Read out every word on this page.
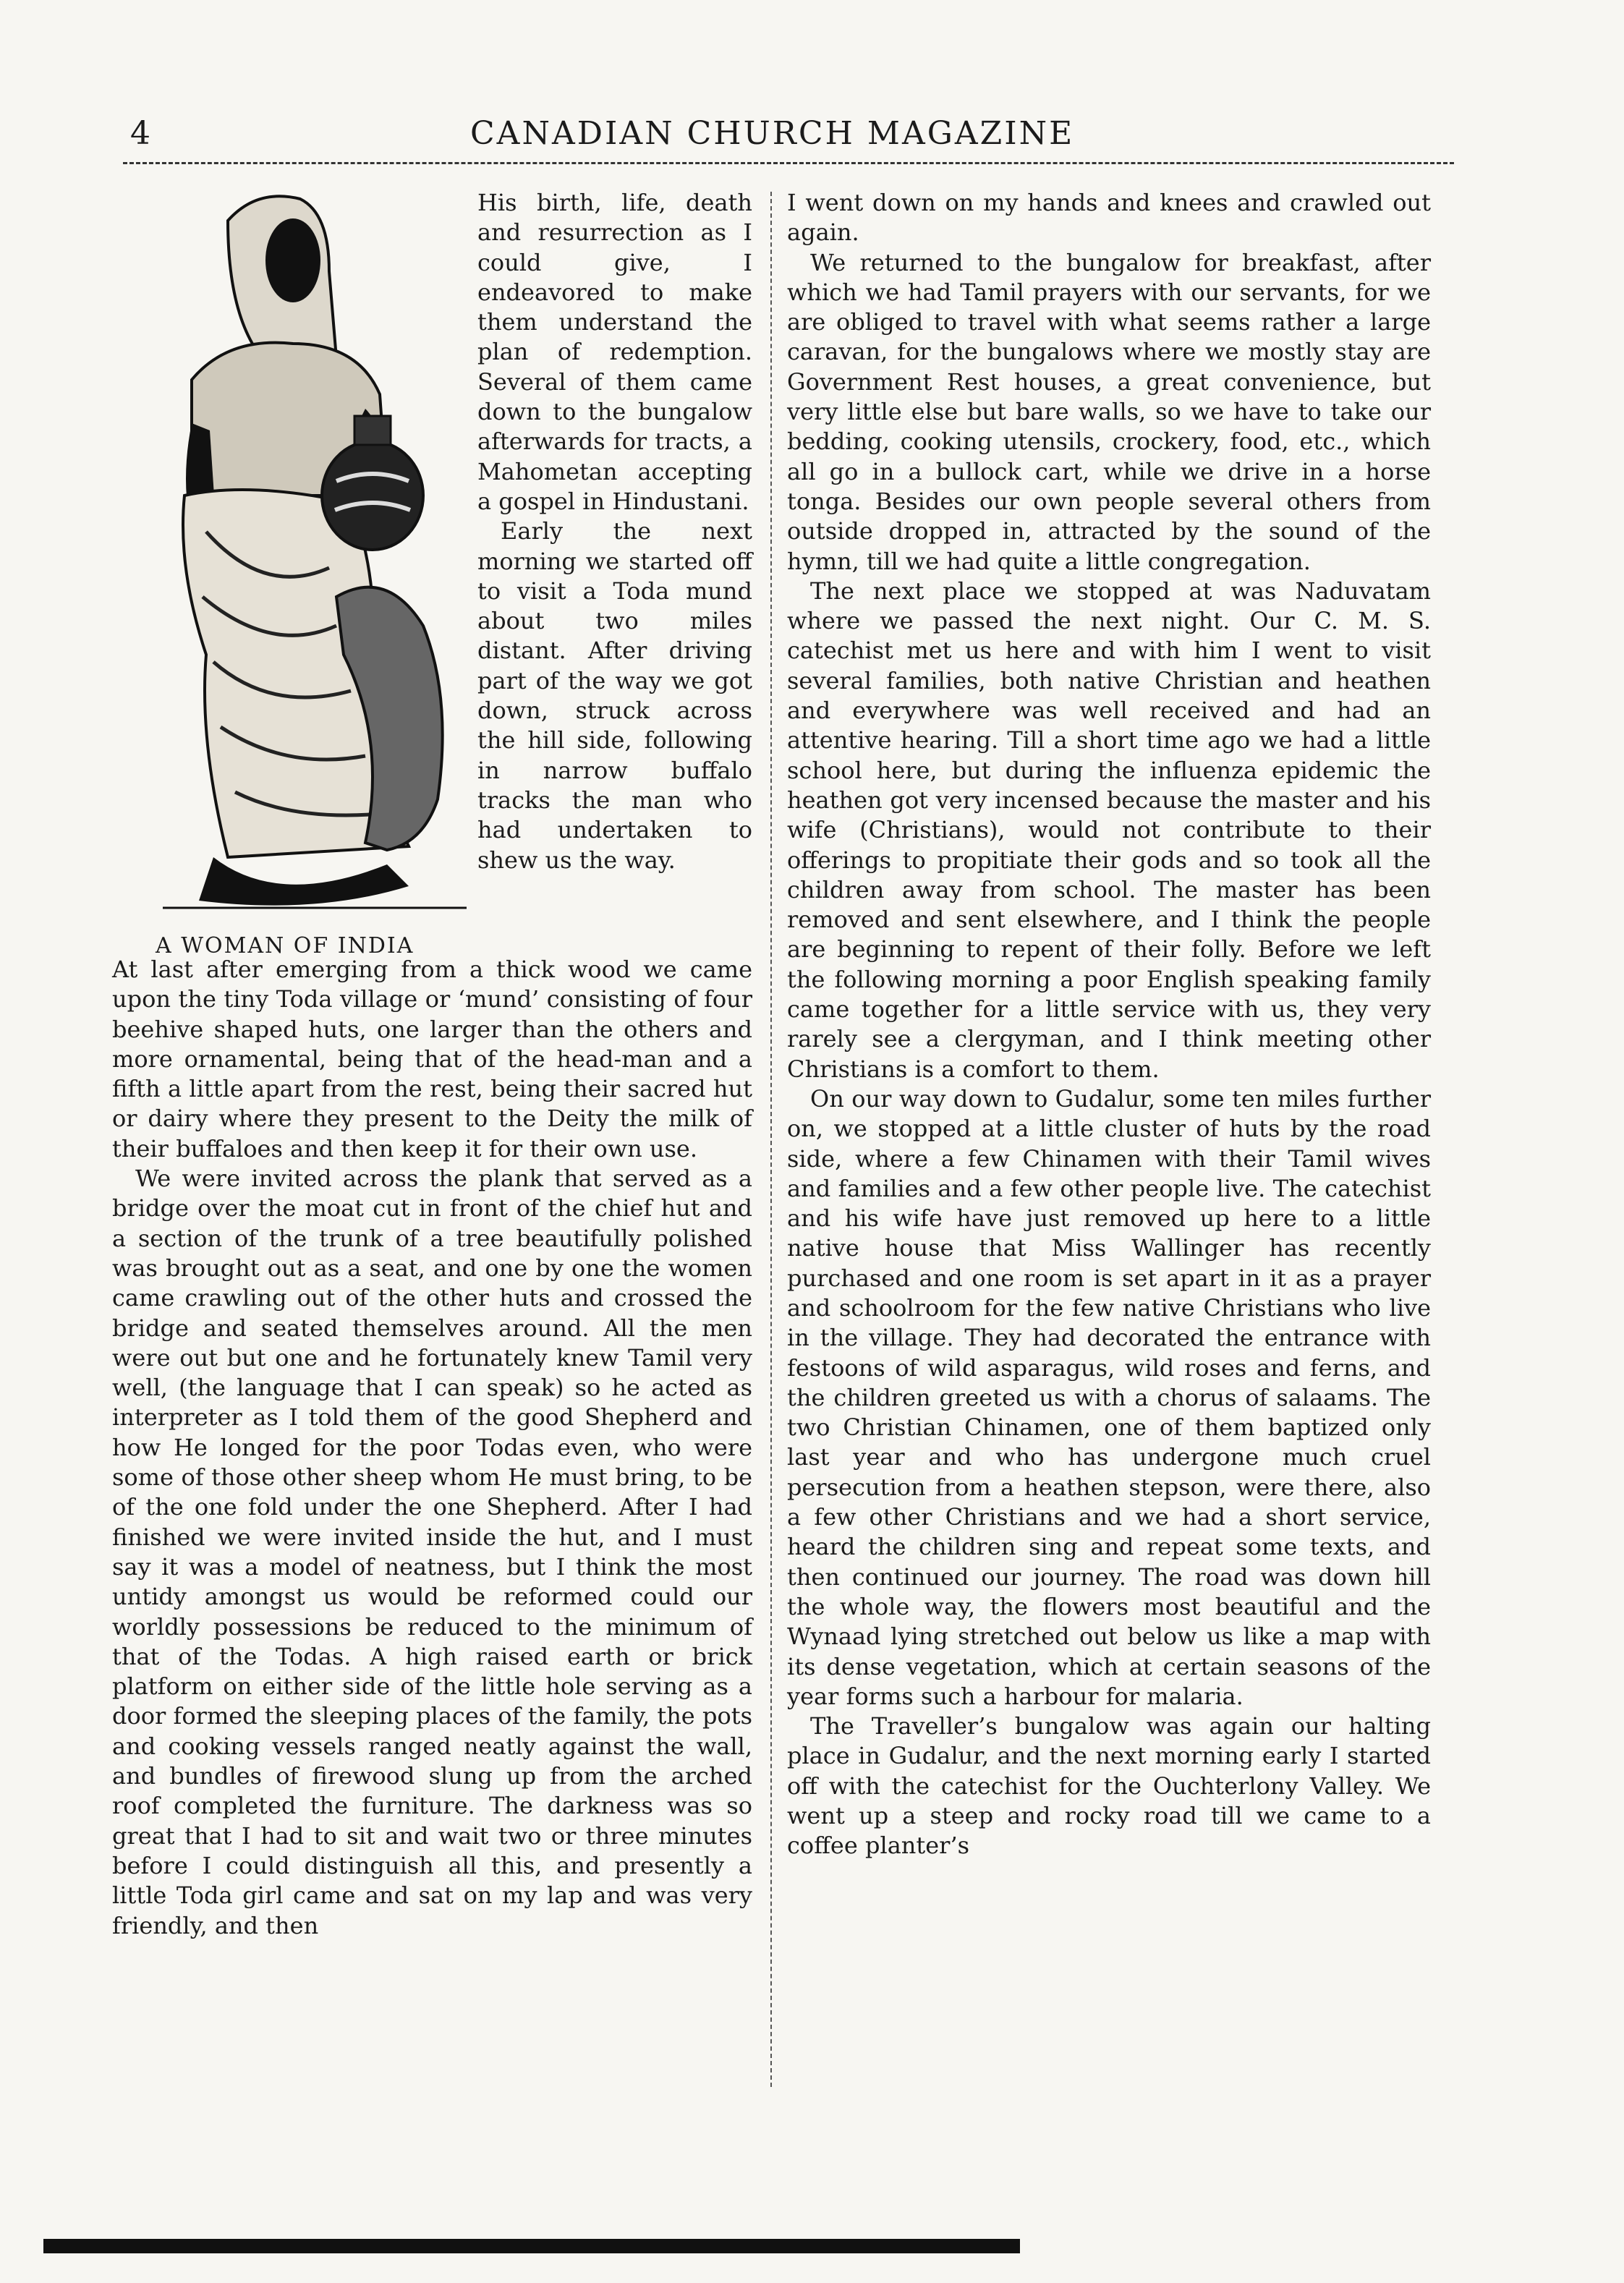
4	CANADIAN CHURCH MAGAZINE
A WOMAN OF INDIA

His birth, life, death and resurrection as I could give, I endeavored to make them understand the plan of redemption. Several of them came down to the bungalow afterwards for tracts, a Mahometan accepting a gospel in Hindustani.

Early the next morning we started off to visit a Toda mund about two miles distant. After driving part of the way we got down, struck across the hill side, following in narrow buffalo tracks the man who had undertaken to shew us the way.

At last after emerging from a thick wood we came upon the tiny Toda village or ‘mund’ consisting of four beehive shaped huts, one larger than the others and more ornamental, being that of the head-man and a fifth a little apart from the rest, being their sacred hut or dairy where they present to the Deity the milk of their buffaloes and then keep it for their own use.

We were invited across the plank that served as a bridge over the moat cut in front of the chief hut and a section of the trunk of a tree beautifully polished was brought out as a seat, and one by one the women came crawling out of the other huts and crossed the bridge and seated themselves around. All the men were out but one and he fortunately knew Tamil very well, (the language that I can speak) so he acted as interpreter as I told them of the good Shepherd and how He longed for the poor Todas even, who were some of those other sheep whom He must bring, to be of the one fold under the one Shepherd. After I had finished we were invited inside the hut, and I must say it was a model of neatness, but I think the most untidy amongst us would be reformed could our worldly possessions be reduced to the minimum of that of the Todas. A high raised earth or brick platform on either side of the little hole serving as a door formed the sleeping places of the family, the pots and cooking vessels ranged neatly against the wall, and bundles of firewood slung up from the arched roof completed the furniture. The darkness was so great that I had to sit and wait two or three minutes before I could distinguish all this, and presently a little Toda girl came and sat on my lap and was very friendly, and then

I went down on my hands and knees and crawled out again.

We returned to the bungalow for breakfast, after which we had Tamil prayers with our servants, for we are obliged to travel with what seems rather a large caravan, for the bungalows where we mostly stay are Government Rest houses, a great convenience, but very little else but bare walls, so we have to take our bedding, cooking utensils, crockery, food, etc., which all go in a bullock cart, while we drive in a horse tonga. Besides our own people several others from outside dropped in, attracted by the sound of the hymn, till we had quite a little congregation.

The next place we stopped at was Naduvatam where we passed the next night. Our C. M. S. catechist met us here and with him I went to visit several families, both native Christian and heathen and everywhere was well received and had an attentive hearing. Till a short time ago we had a little school here, but during the influenza epidemic the heathen got very incensed because the master and his wife (Christians), would not contribute to their offerings to propitiate their gods and so took all the children away from school. The master has been removed and sent elsewhere, and I think the people are beginning to repent of their folly. Before we left the following morning a poor English speaking family came together for a little service with us, they very rarely see a clergyman, and I think meeting other Christians is a comfort to them.

On our way down to Gudalur, some ten miles further on, we stopped at a little cluster of huts by the road side, where a few Chinamen with their Tamil wives and families and a few other people live. The catechist and his wife have just removed up here to a little native house that Miss Wallinger has recently purchased and one room is set apart in it as a prayer and schoolroom for the few native Christians who live in the village. They had decorated the entrance with festoons of wild asparagus, wild roses and ferns, and the children greeted us with a chorus of salaams. The two Christian Chinamen, one of them baptized only last year and who has undergone much cruel persecution from a heathen stepson, were there, also a few other Christians and we had a short service, heard the children sing and repeat some texts, and then continued our journey. The road was down hill the whole way, the flowers most beautiful and the Wynaad lying stretched out below us like a map with its dense vegetation, which at certain seasons of the year forms such a harbour for malaria.

The Traveller’s bungalow was again our halting place in Gudalur, and the next morning early I started off with the catechist for the Ouchterlony Valley. We went up a steep and rocky road till we came to a coffee planter’s
